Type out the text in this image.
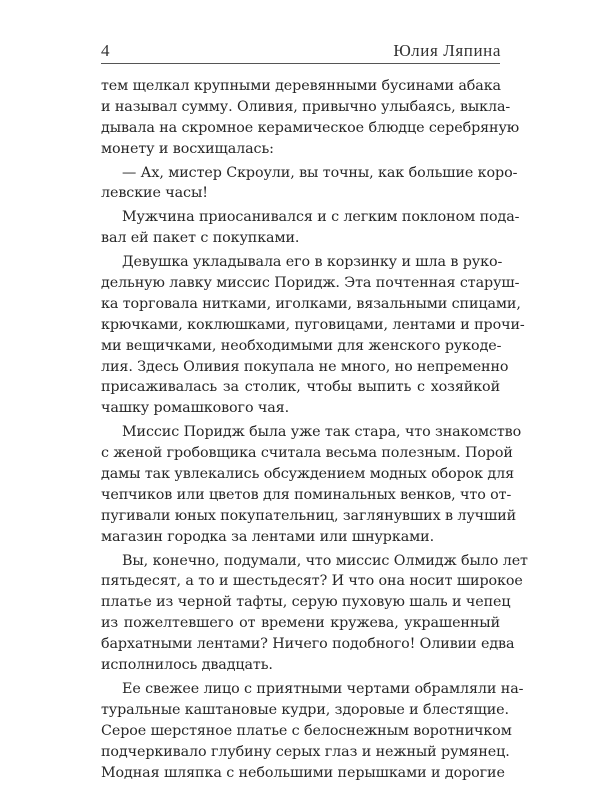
4	Юлия Ляпина
тем щелкал крупными деревянными бусинами абака
и называл сумму. Оливия, привычно улыбаясь, выкла-
дывала на скромное керамическое блюдце серебряную
монету и восхищалась:
— Ах, мистер Скроули, вы точны, как большие коро-
левские часы!
Мужчина приосанивался и с легким поклоном пода-
вал ей пакет с покупками.
Девушка укладывала его в корзинку и шла в руко-
дельную лавку миссис Поридж. Эта почтенная старуш-
ка торговала нитками, иголками, вязальными спицами,
крючками, коклюшками, пуговицами, лентами и прочи-
ми вещичками, необходимыми для женского рукоде-
лия. Здесь Оливия покупала не много, но непременно
присаживалась за столик, чтобы выпить с хозяйкой
чашку ромашкового чая.
Миссис Поридж была уже так стара, что знакомство
с женой гробовщика считала весьма полезным. Порой
дамы так увлекались обсуждением модных оборок для
чепчиков или цветов для поминальных венков, что от-
пугивали юных покупательниц, заглянувших в лучший
магазин городка за лентами или шнурками.
Вы, конечно, подумали, что миссис Олмидж было лет
пятьдесят, а то и шестьдесят? И что она носит широкое
платье из черной тафты, серую пуховую шаль и чепец
из пожелтевшего от времени кружева, украшенный
бархатными лентами? Ничего подобного! Оливии едва
исполнилось двадцать.
Ее свежее лицо с приятными чертами обрамляли на-
туральные каштановые кудри, здоровые и блестящие.
Серое шерстяное платье с белоснежным воротничком
подчеркивало глубину серых глаз и нежный румянец.
Модная шляпка с небольшими перышками и дорогие
